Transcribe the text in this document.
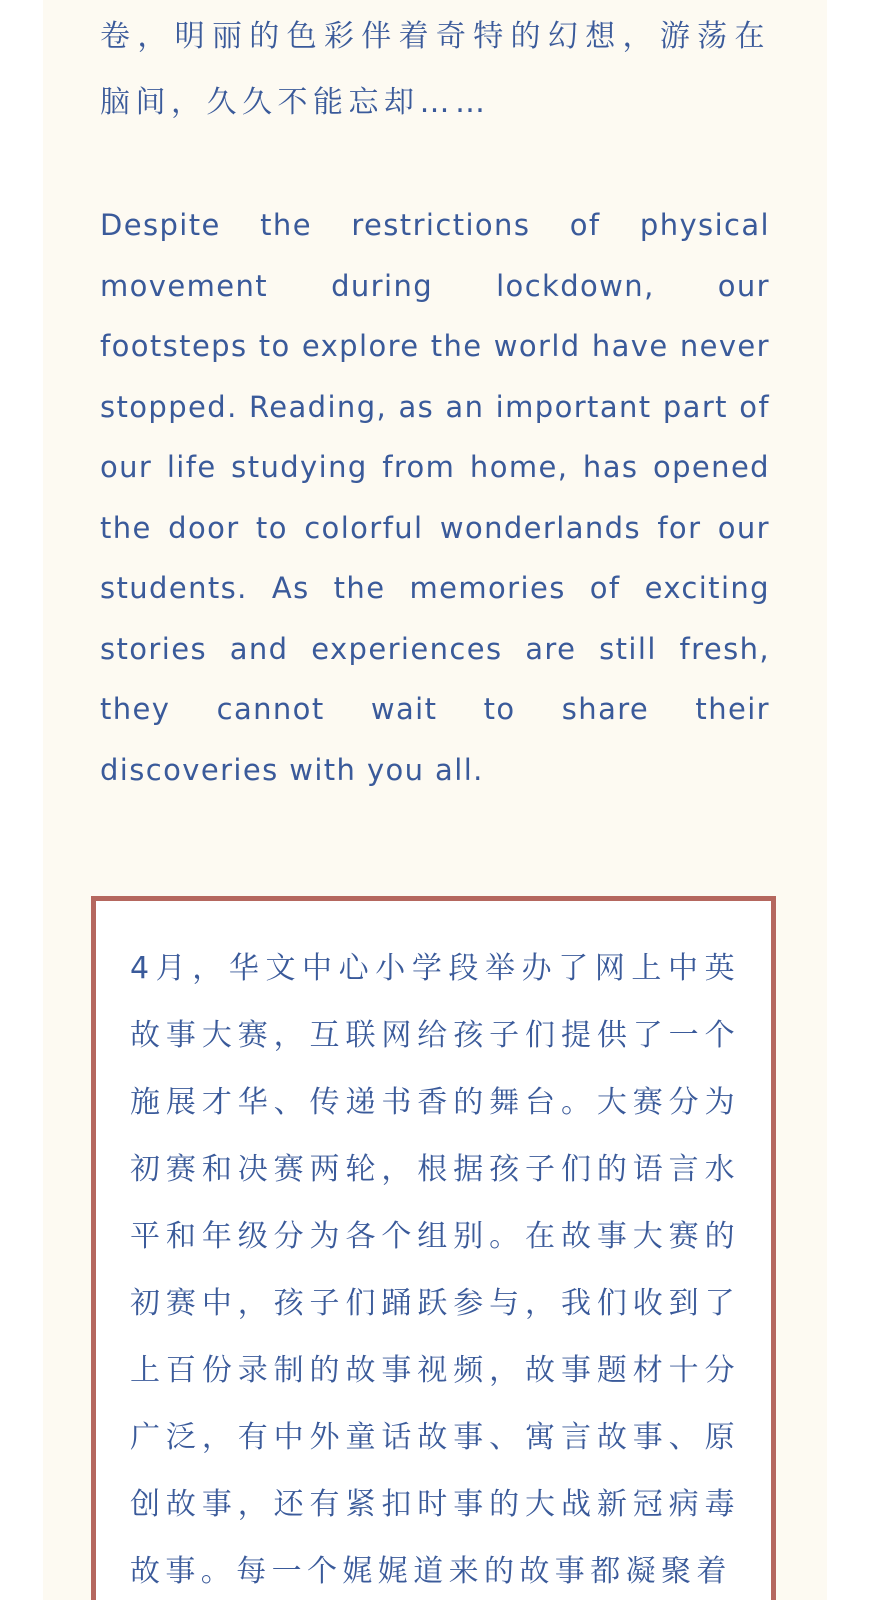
卷，明丽的色彩伴着奇特的幻想，游荡在脑间，久久不能忘却……

Despite the restrictions of physical movement during lockdown, our footsteps to explore the world have never stopped. Reading, as an important part of our life studying from home, has opened the door to colorful wonderlands for our students. As the memories of exciting stories and experiences are still fresh, they cannot wait to share their discoveries with you all.

4月，华文中心小学段举办了网上中英故事大赛，互联网给孩子们提供了一个施展才华、传递书香的舞台。大赛分为初赛和决赛两轮，根据孩子们的语言水平和年级分为各个组别。在故事大赛的初赛中，孩子们踊跃参与，我们收到了上百份录制的故事视频，故事题材十分广泛，有中外童话故事、寓言故事、原创故事，还有紧扣时事的大战新冠病毒故事。每一个娓娓道来的故事都凝聚着
